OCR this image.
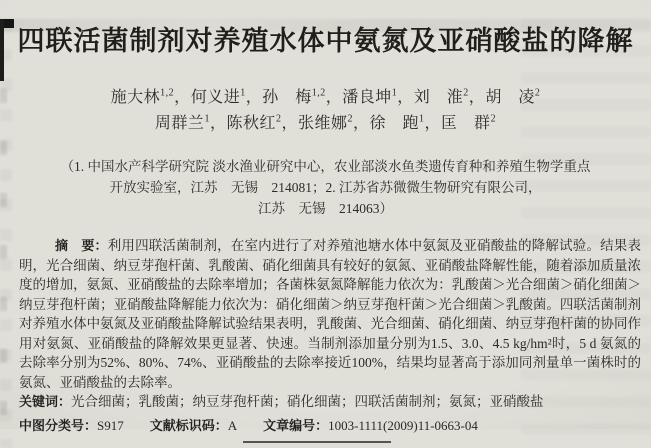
四联活菌制剂对养殖水体中氨氮及亚硝酸盐的降解
施大林$^{1,2}$，何义进$^1$，孙　梅$^{1,2}$，潘良坤$^1$，刘　淮$^2$，胡　凌$^2$
周群兰$^1$，陈秋红$^2$，张维娜$^2$，徐　跑$^1$，匡　群$^2$
（1. 中国水产科学研究院 淡水渔业研究中心，农业部淡水鱼类遗传育种和养殖生物学重点
开放实验室，江苏　无锡　214081；2. 江苏省苏微微生物研究有限公司，
江苏　无锡　214063）

摘　要：利用四联活菌制剂，在室内进行了对养殖池塘水体中氨氮及亚硝酸盐的降解试验。结果表明，光合细菌、纳豆芽孢杆菌、乳酸菌、硝化细菌具有较好的氨氮、亚硝酸盐降解性能，随着添加质量浓度的增加，氨氮、亚硝酸盐的去除率增加；各菌株氨氮降解能力依次为：乳酸菌＞光合细菌＞硝化细菌＞纳豆芽孢杆菌；亚硝酸盐降解能力依次为：硝化细菌＞纳豆芽孢杆菌＞光合细菌＞乳酸菌。四联活菌制剂对养殖水体中氨氮及亚硝酸盐降解试验结果表明，乳酸菌、光合细菌、硝化细菌、纳豆芽孢杆菌的协同作用对氨氮、亚硝酸盐的降解效果更显著、快速。当制剂添加量分别为1.5、3.0、4.5 kg/hm²时，5 d 氨氮的去除率分别为52%、80%、74%、亚硝酸盐的去除率接近100%，结果均显著高于添加同剂量单一菌株时的氨氮、亚硝酸盐的去除率。

关键词：光合细菌；乳酸菌；纳豆芽孢杆菌；硝化细菌；四联活菌制剂；氨氮；亚硝酸盐

中图分类号：S917 文献标识码：A 文章编号：1003-1111(2009)11-0663-04
